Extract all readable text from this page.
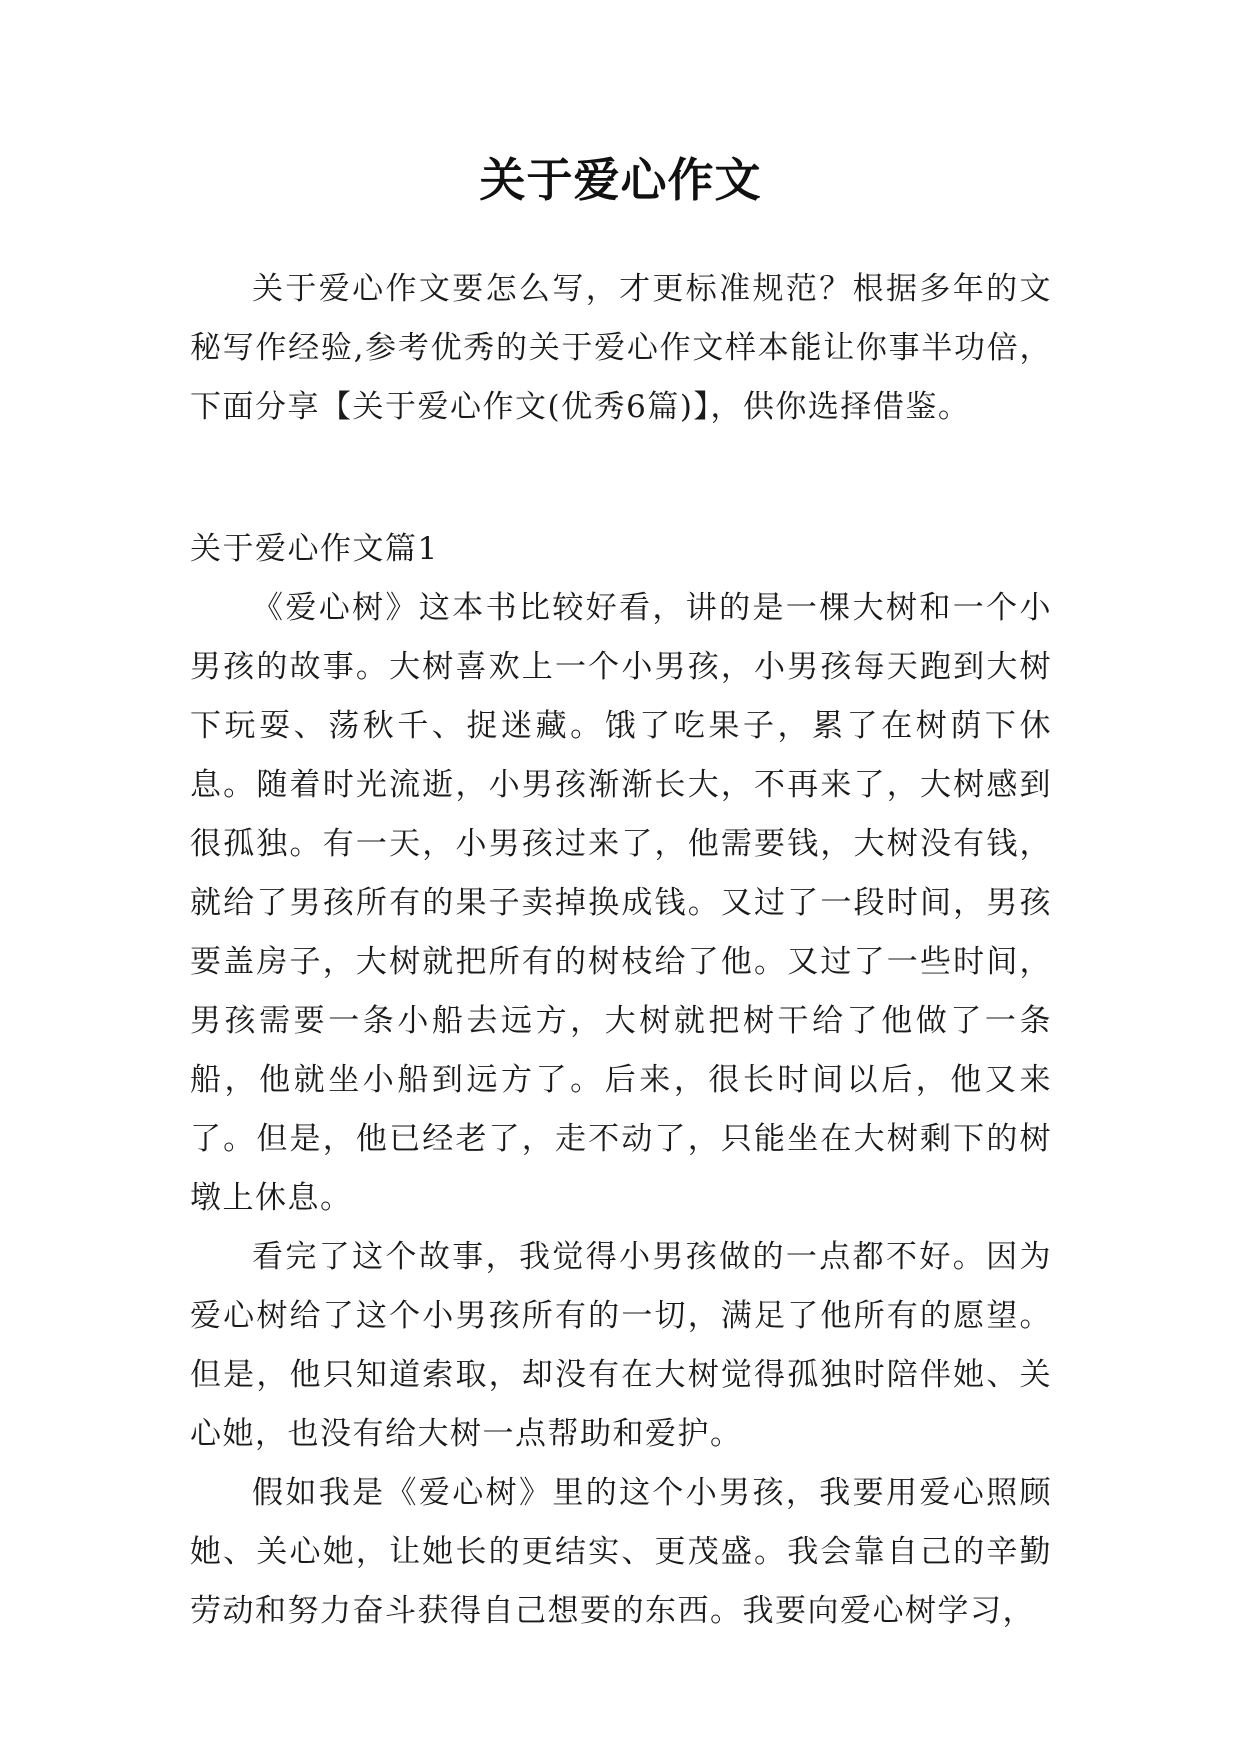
关于爱心作文

关于爱心作文要怎么写，才更标准规范？根据多年的文秘写作经验,参考优秀的关于爱心作文样本能让你事半功倍，下面分享【关于爱心作文(优秀6篇)】，供你选择借鉴。

关于爱心作文篇1

《爱心树》这本书比较好看，讲的是一棵大树和一个小男孩的故事。大树喜欢上一个小男孩，小男孩每天跑到大树下玩耍、荡秋千、捉迷藏。饿了吃果子，累了在树荫下休息。随着时光流逝，小男孩渐渐长大，不再来了，大树感到很孤独。有一天，小男孩过来了，他需要钱，大树没有钱，就给了男孩所有的果子卖掉换成钱。又过了一段时间，男孩要盖房子，大树就把所有的树枝给了他。又过了一些时间，男孩需要一条小船去远方，大树就把树干给了他做了一条船，他就坐小船到远方了。后来，很长时间以后，他又来了。但是，他已经老了，走不动了，只能坐在大树剩下的树墩上休息。

看完了这个故事，我觉得小男孩做的一点都不好。因为爱心树给了这个小男孩所有的一切，满足了他所有的愿望。但是，他只知道索取，却没有在大树觉得孤独时陪伴她、关心她，也没有给大树一点帮助和爱护。

假如我是《爱心树》里的这个小男孩，我要用爱心照顾她、关心她，让她长的更结实、更茂盛。我会靠自己的辛勤劳动和努力奋斗获得自己想要的东西。我要向爱心树学习，
